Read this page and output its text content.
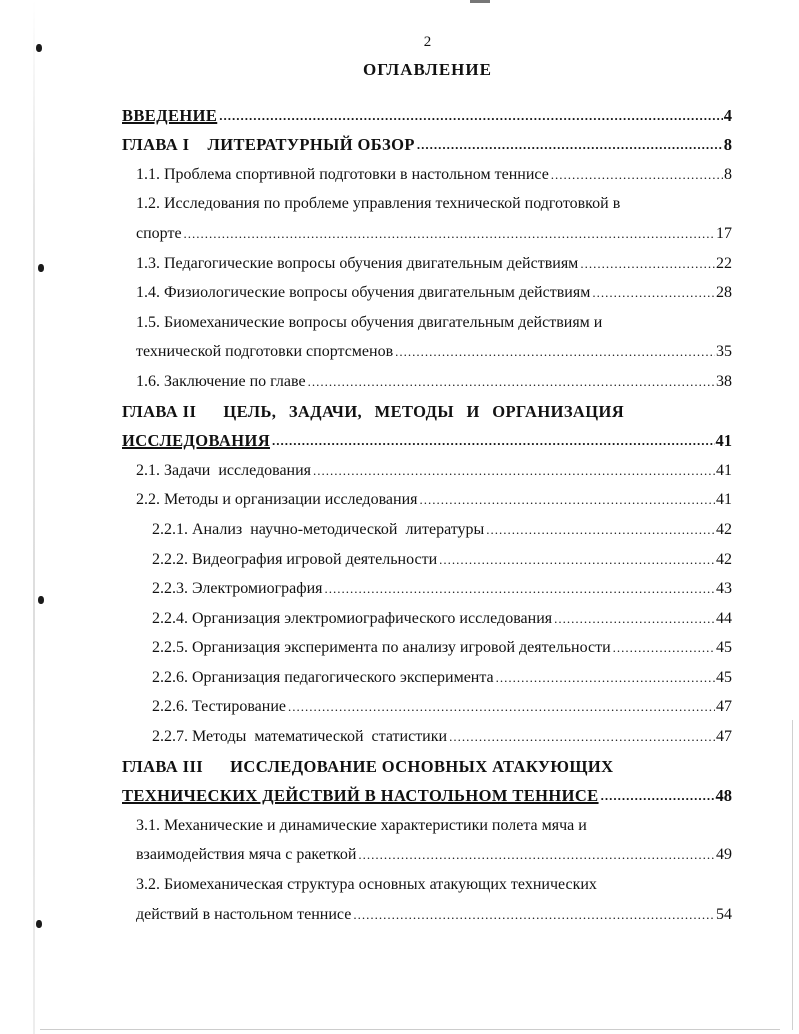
2
ОГЛАВЛЕНИЕ
ВВЕДЕНИЕ .....	4
ГЛАВА I    ЛИТЕРАТУРНЫЙ ОБЗОР .....	8
1.1. Проблема спортивной подготовки в настольном теннисе .....	8
1.2. Исследования по проблеме управления технической подготовкой в
спорте .....	17
1.3. Педагогические вопросы обучения двигательным действиям .....	22
1.4. Физиологические вопросы обучения двигательным действиям .....	28
1.5. Биомеханические вопросы обучения двигательным действиям и
технической подготовки спортсменов .....	35
1.6. Заключение по главе .....	38
ГЛАВА II ЦЕЛЬ, ЗАДАЧИ, МЕТОДЫ И ОРГАНИЗАЦИЯ
ИССЛЕДОВАНИЯ .....	41
2.1. Задачи  исследования .....	41
2.2. Методы и организации исследования .....	41
2.2.1. Анализ  научно-методической  литературы .....	42
2.2.2. Видеография игровой деятельности .....	42
2.2.3. Электромиография .....	43
2.2.4. Организация электромиографического исследования .....	44
2.2.5. Организация эксперимента по анализу игровой деятельности .....	45
2.2.6. Организация педагогического эксперимента .....	45
2.2.6. Тестирование .....	47
2.2.7. Методы  математической  статистики .....	47
ГЛАВА III ИССЛЕДОВАНИЕ ОСНОВНЫХ АТАКУЮЩИХ
ТЕХНИЧЕСКИХ ДЕЙСТВИЙ В НАСТОЛЬНОМ ТЕННИСЕ .....	48
3.1. Механические и динамические характеристики полета мяча и
взаимодействия мяча с ракеткой .....	49
3.2. Биомеханическая структура основных атакующих технических
действий в настольном теннисе .....	54
